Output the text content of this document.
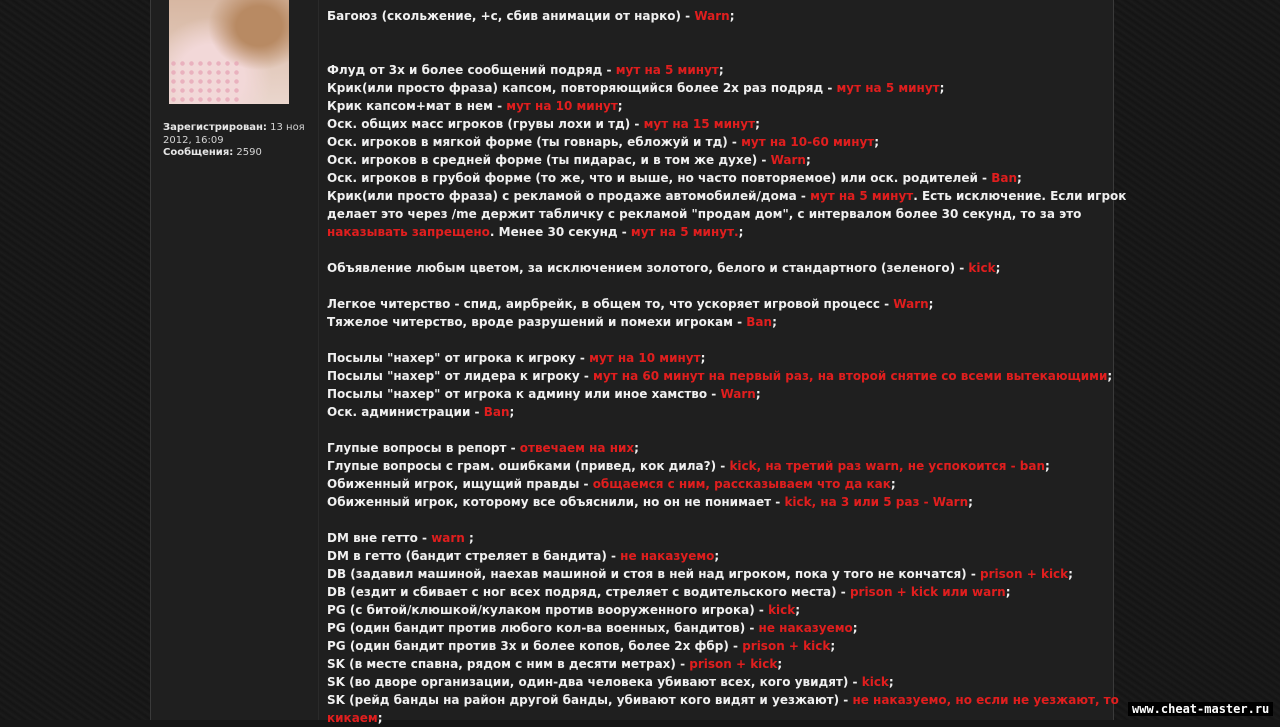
Зарегистрирован: 13 ноя 2012, 16:09
Сообщения: 2590
Багоюз (скольжение, +с, сбив анимации от нарко) - Warn;
Флуд от 3х и более сообщений подряд - мут на 5 минут;
Крик(или просто фраза) капсом, повторяющийся более 2х раз подряд - мут на 5 минут;
Крик капсом+мат в нем - мут на 10 минут;
Оск. общих масс игроков (грувы лохи и тд) - мут на 15 минут;
Оск. игроков в мягкой форме (ты говнарь, ебложуй и тд) - мут на 10-60 минут;
Оск. игроков в средней форме (ты пидарас, и в том же духе) - Warn;
Оск. игроков в грубой форме (то же, что и выше, но часто повторяемое) или оск. родителей - Ban;
Крик(или просто фраза) с рекламой о продаже автомобилей/дома - мут на 5 минут. Есть исключение. Если игрок
делает это через /me держит табличку с рекламой "продам дом", с интервалом более 30 секунд, то за это
наказывать запрещено. Менее 30 секунд - мут на 5 минут.;
Объявление любым цветом, за исключением золотого, белого и стандартного (зеленого) - kick;
Легкое читерство - спид, аирбрейк, в общем то, что ускоряет игровой процесс - Warn;
Тяжелое читерство, вроде разрушений и помехи игрокам - Ban;
Посылы "нахер" от игрока к игроку - мут на 10 минут;
Посылы "нахер" от лидера к игроку - мут на 60 минут на первый раз, на второй снятие со всеми вытекающими;
Посылы "нахер" от игрока к админу или иное хамство - Warn;
Оск. администрации - Ban;
Глупые вопросы в репорт - отвечаем на них;
Глупые вопросы с грам. ошибками (привед, кок дила?) - kick, на третий раз warn, не успокоится - ban;
Обиженный игрок, ищущий правды - общаемся с ним, рассказываем что да как;
Обиженный игрок, которому все объяснили, но он не понимает - kick, на 3 или 5 раз - Warn;
DM вне гетто - warn ;
DM в гетто (бандит стреляет в бандита) - не наказуемо;
DB (задавил машиной, наехав машиной и стоя в ней над игроком, пока у того не кончатся) - prison + kick;
DB (ездит и сбивает с ног всех подряд, стреляет с водительского места) - prison + kick или warn;
PG (с битой/клюшкой/кулаком против вооруженного игрока) - kick;
PG (один бандит против любого кол-ва военных, бандитов) - не наказуемо;
PG (один бандит против 3х и более копов, более 2х фбр) - prison + kick;
SK (в месте спавна, рядом с ним в десяти метрах) - prison + kick;
SK (во дворе организации, один-два человека убивают всех, кого увидят) - kick;
SK (рейд банды на район другой банды, убивают кого видят и уезжают) - не наказуемо, но если не уезжают, то
кикаем;
www.cheat-master.ru
